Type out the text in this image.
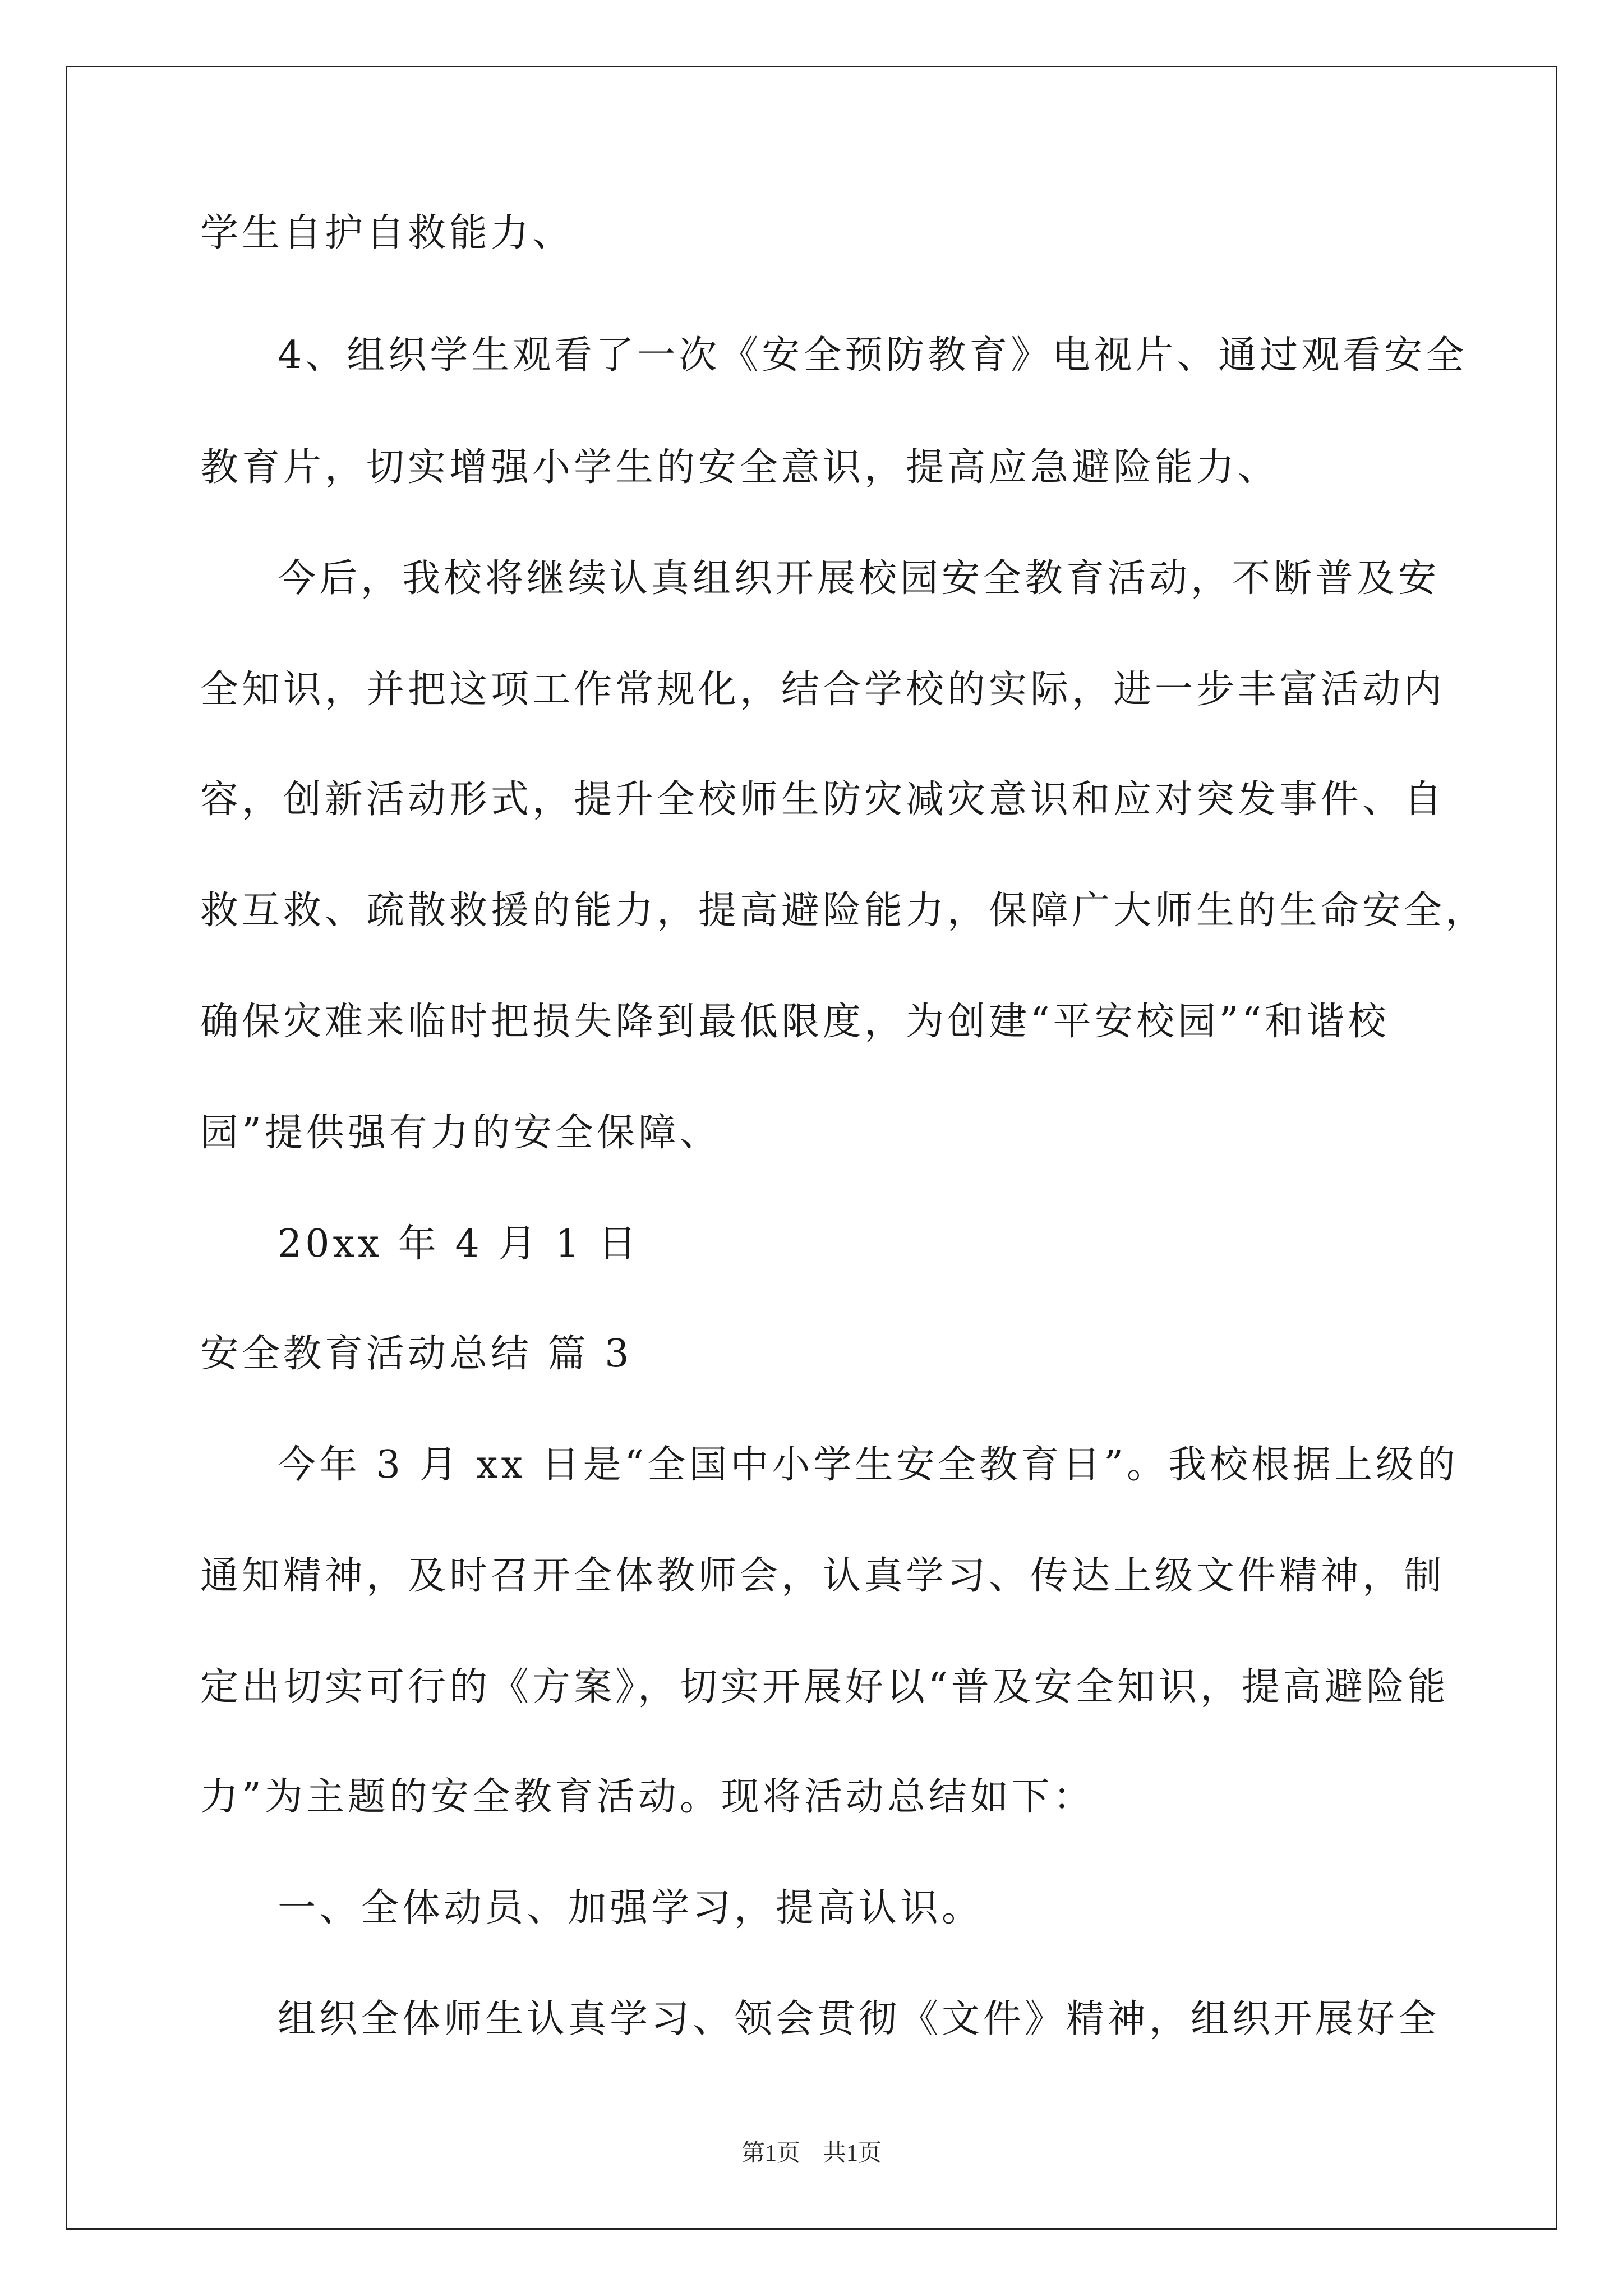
学生自护自救能力、
4、组织学生观看了一次《安全预防教育》电视片、通过观看安全
教育片，切实增强小学生的安全意识，提高应急避险能力、
今后，我校将继续认真组织开展校园安全教育活动，不断普及安
全知识，并把这项工作常规化，结合学校的实际，进一步丰富活动内
容，创新活动形式，提升全校师生防灾减灾意识和应对突发事件、自
救互救、疏散救援的能力，提高避险能力，保障广大师生的生命安全，
确保灾难来临时把损失降到最低限度，为创建“平安校园”“和谐校
园”提供强有力的安全保障、
20xx 年 4 月 1 日
安全教育活动总结 篇 3
今年 3 月 xx 日是“全国中小学生安全教育日”。我校根据上级的
通知精神，及时召开全体教师会，认真学习、传达上级文件精神，制
定出切实可行的《方案》，切实开展好以“普及安全知识，提高避险能
力”为主题的安全教育活动。现将活动总结如下：
一、全体动员、加强学习，提高认识。
组织全体师生认真学习、领会贯彻《文件》精神，组织开展好全
第1页 共1页
